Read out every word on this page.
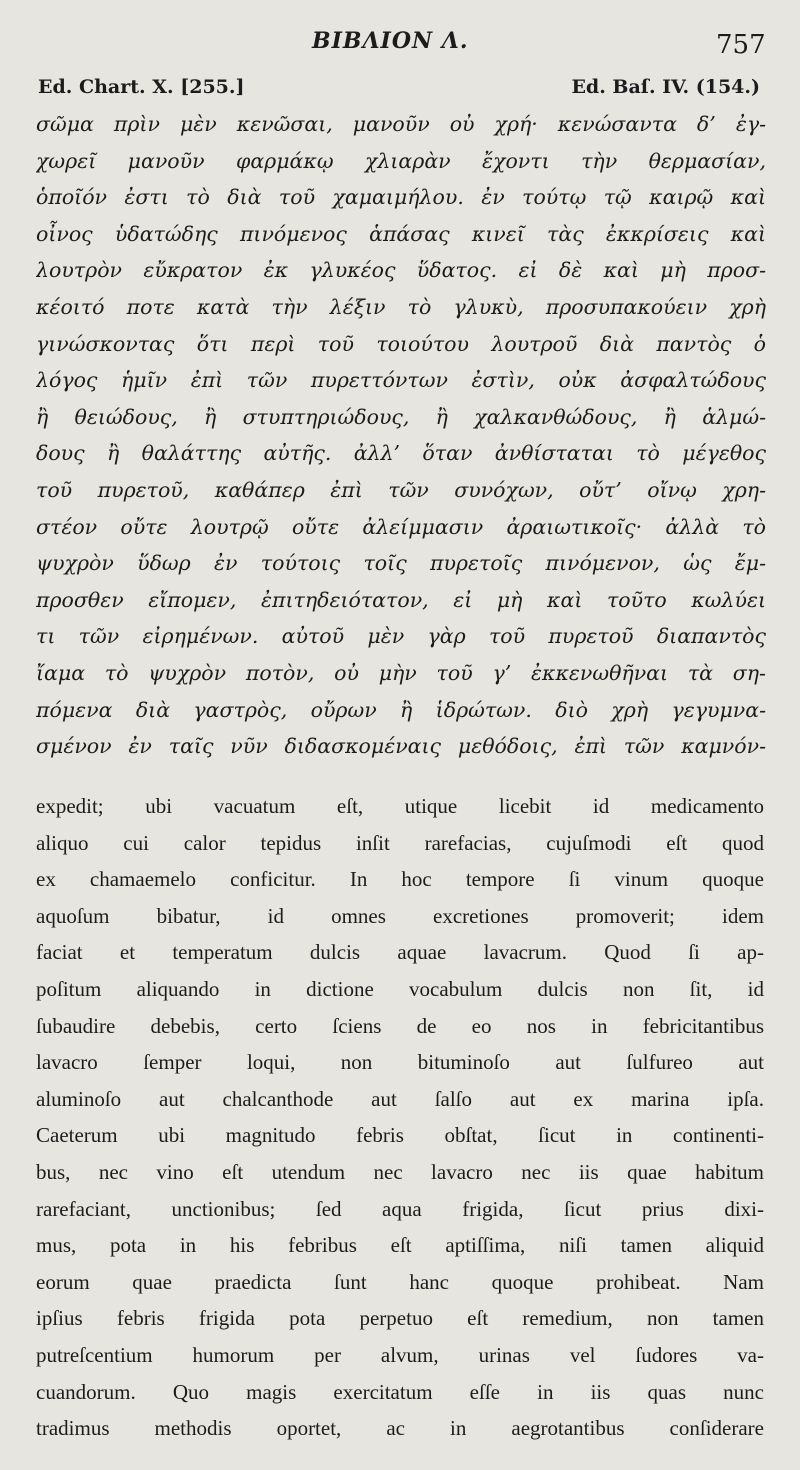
BIBΛΙΟΝ Λ.	757
Ed. Chart. X. [255.]	Ed. Baſ. IV. (154.)
σῶμα πρὶν μὲν κενῶσαι, μανοῦν οὐ χρή· κενώσαντα δ’ ἐγ-
χωρεῖ μανοῦν φαρμάκῳ χλιαρὰν ἔχοντι τὴν θερμασίαν,
ὁποῖόν ἐστι τὸ διὰ τοῦ χαμαιμήλου. ἐν τούτῳ τῷ καιρῷ καὶ
οἶνος ὑδατώδης πινόμενος ἁπάσας κινεῖ τὰς ἐκκρίσεις καὶ
λουτρὸν εὔκρατον ἐκ γλυκέος ὕδατος. εἰ δὲ καὶ μὴ προσ-
κέοιτό ποτε κατὰ τὴν λέξιν τὸ γλυκὺ, προσυπακούειν χρὴ
γινώσκοντας ὅτι περὶ τοῦ τοιούτου λουτροῦ διὰ παντὸς ὁ
λόγος ἡμῖν ἐπὶ τῶν πυρεττόντων ἐστὶν, οὐκ ἀσφαλτώδους
ἢ θειώδους, ἢ στυπτηριώδους, ἢ χαλκανθώδους, ἢ ἁλμώ-
δους ἢ θαλάττης αὐτῆς. ἀλλ’ ὅταν ἀνθίσταται τὸ μέγεθος
τοῦ πυρετοῦ, καθάπερ ἐπὶ τῶν συνόχων, οὔτ’ οἴνῳ χρη-
στέον οὔτε λουτρῷ οὔτε ἀλείμμασιν ἀραιωτικοῖς· ἀλλὰ τὸ
ψυχρὸν ὕδωρ ἐν τούτοις τοῖς πυρετοῖς πινόμενον, ὡς ἔμ-
προσθεν εἴπομεν, ἐπιτηδειότατον, εἰ μὴ καὶ τοῦτο κωλύει
τι τῶν εἰρημένων. αὐτοῦ μὲν γὰρ τοῦ πυρετοῦ διαπαντὸς
ἴαμα τὸ ψυχρὸν ποτὸν, οὐ μὴν τοῦ γ’ ἐκκενωθῆναι τὰ ση-
πόμενα διὰ γαστρὸς, οὔρων ἢ ἱδρώτων. διὸ χρὴ γεγυμνα-
σμένον ἐν ταῖς νῦν διδασκομέναις μεθόδοις, ἐπὶ τῶν καμνόν-
expedit; ubi vacuatum eſt, utique licebit id medicamento
aliquo cui calor tepidus inſit rarefacias, cujuſmodi eſt quod
ex chamaemelo conficitur. In hoc tempore ſi vinum quoque
aquoſum bibatur, id omnes excretiones promoverit; idem
faciat et temperatum dulcis aquae lavacrum. Quod ſi ap-
poſitum aliquando in dictione vocabulum dulcis non ſit, id
ſubaudire debebis, certo ſciens de eo nos in febricitantibus
lavacro ſemper loqui, non bituminoſo aut ſulfureo aut
aluminoſo aut chalcanthode aut ſalſo aut ex marina ipſa.
Caeterum ubi magnitudo febris obſtat, ſicut in continenti-
bus, nec vino eſt utendum nec lavacro nec iis quae habitum
rarefaciant, unctionibus; ſed aqua frigida, ſicut prius dixi-
mus, pota in his febribus eſt aptiſſima, niſi tamen aliquid
eorum quae praedicta ſunt hanc quoque prohibeat. Nam
ipſius febris frigida pota perpetuo eſt remedium, non tamen
putreſcentium humorum per alvum, urinas vel ſudores va-
cuandorum. Quo magis exercitatum eſſe in iis quas nunc
tradimus methodis oportet, ac in aegrotantibus conſiderare
